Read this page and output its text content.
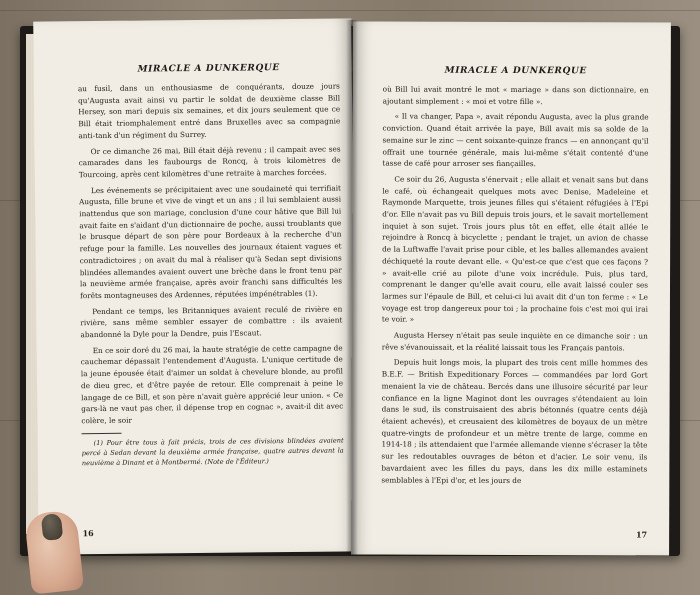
MIRACLE A DUNKERQUE

au fusil, dans un enthousiasme de conquérants, douze jours qu'Augusta avait ainsi vu partir le soldat de deuxième classe Bill Hersey, son mari depuis six semaines, et dix jours seulement que ce Bill était triomphalement entré dans Bruxelles avec sa compagnie anti-tank d'un régiment du Surrey.

Or ce dimanche 26 mai, Bill était déjà revenu ; il campait avec ses camarades dans les faubourgs de Roncq, à trois kilomètres de Tourcoing, après cent kilomètres d'une retraite à marches forcées.

Les événements se précipitaient avec une soudaineté qui terrifiait Augusta, fille brune et vive de vingt et un ans ; il lui semblaient aussi inattendus que son mariage, conclusion d'une cour hâtive que Bill lui avait faite en s'aidant d'un dictionnaire de poche, aussi troublants que le brusque départ de son père pour Bordeaux à la recherche d'un refuge pour la famille. Les nouvelles des journaux étaient vagues et contradictoires ; on avait du mal à réaliser qu'à Sedan sept divisions blindées allemandes avaient ouvert une brèche dans le front tenu par la neuvième armée française, après avoir franchi sans difficultés les forêts montagneuses des Ardennes, réputées impénétrables (1).

Pendant ce temps, les Britanniques avaient reculé de rivière en rivière, sans même sembler essayer de combattre : ils avaient abandonné la Dyle pour la Dendre, puis l'Escaut.

En ce soir doré du 26 mai, la haute stratégie de cette campagne de cauchemar dépassait l'entendement d'Augusta. L'unique certitude de la jeune épousée était d'aimer un soldat à chevelure blonde, au profil de dieu grec, et d'être payée de retour. Elle comprenait à peine le langage de ce Bill, et son père n'avait guère apprécié leur union. « Ce gars-là ne vaut pas cher, il dépense trop en cognac », avait-il dit avec colère, le soir

(1) Pour être tous à fait précis, trois de ces divisions blindées avaient percé à Sedan devant la deuxième armée française, quatre autres devant la neuvième à Dinant et à Montbermé. (Note de l'Éditeur.)

16
MIRACLE A DUNKERQUE

où Bill lui avait montré le mot « mariage » dans son dictionnaire, en ajoutant simplement : « moi et votre fille ».

« Il va changer, Papa », avait répondu Augusta, avec la plus grande conviction. Quand était arrivée la paye, Bill avait mis sa solde de la semaine sur le zinc — cent soixante-quinze francs — en annonçant qu'il offrait une tournée générale, mais lui-même s'était contenté d'une tasse de café pour arroser ses fiançailles.

Ce soir du 26, Augusta s'énervait ; elle allait et venait sans but dans le café, où échangeait quelques mots avec Denise, Madeleine et Raymonde Marquette, trois jeunes filles qui s'étaient réfugiées à l'Epi d'or. Elle n'avait pas vu Bill depuis trois jours, et le savait mortellement inquiet à son sujet. Trois jours plus tôt en effet, elle était allée le rejoindre à Roncq à bicyclette ; pendant le trajet, un avion de chasse de la Luftwaffe l'avait prise pour cible, et les balles allemandes avaient déchiqueté la route devant elle. « Qu'est-ce que c'est que ces façons ? » avait-elle crié au pilote d'une voix incrédule. Puis, plus tard, comprenant le danger qu'elle avait couru, elle avait laissé couler ses larmes sur l'épaule de Bill, et celui-ci lui avait dit d'un ton ferme : « Le voyage est trop dangereux pour toi ; la prochaine fois c'est moi qui irai te voir. »

Augusta Hersey n'était pas seule inquiète en ce dimanche soir : un rêve s'évanouissait, et la réalité laissait tous les Français pantois.

Depuis huit longs mois, la plupart des trois cent mille hommes des B.E.F. — British Expeditionary Forces — commandées par lord Gort menaient la vie de château. Bercés dans une illusoire sécurité par leur confiance en la ligne Maginot dont les ouvrages s'étendaient au loin dans le sud, ils construisaient des abris bétonnés (quatre cents déjà étaient achevés), et creusaient des kilomètres de boyaux de un mètre quatre-vingts de profondeur et un mètre trente de large, comme en 1914-18 ; ils attendaient que l'armée allemande vienne s'écraser la tête sur les redoutables ouvrages de béton et d'acier. Le soir venu, ils bavardaient avec les filles du pays, dans les dix mille estaminets semblables à l'Epi d'or, et les jours de

17
